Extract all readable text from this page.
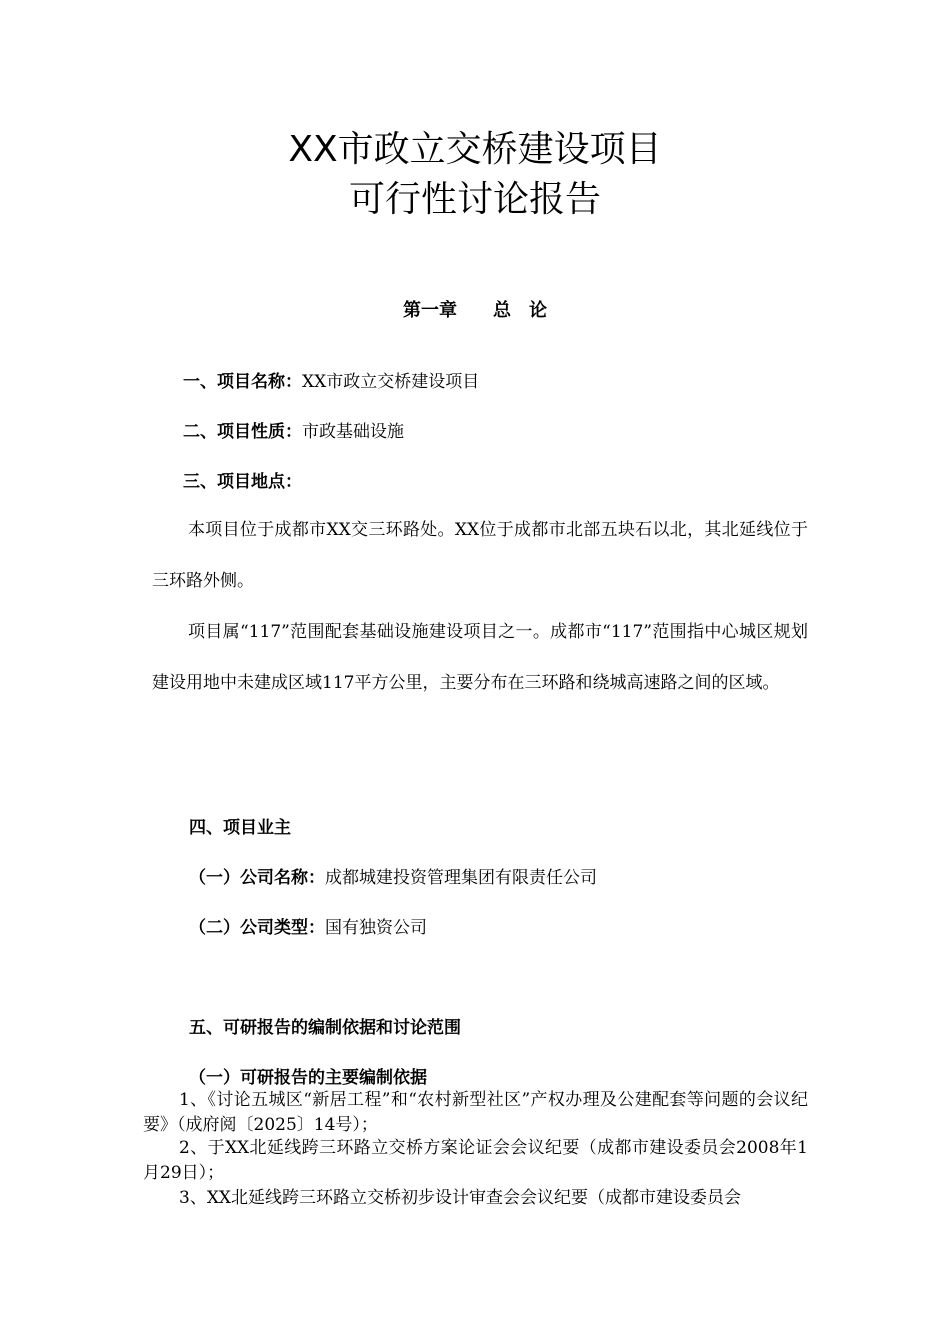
XX市政立交桥建设项目
可行性讨论报告
第一章　　总　论
一、项目名称：XX市政立交桥建设项目
二、项目性质：市政基础设施
三、项目地点：
本项目位于成都市XX交三环路处。XX位于成都市北部五块石以北，其北延线位于三环路外侧。
项目属“117”范围配套基础设施建设项目之一。成都市“117”范围指中心城区规划建设用地中未建成区域117平方公里，主要分布在三环路和绕城高速路之间的区域。
四、项目业主
（一）公司名称：成都城建投资管理集团有限责任公司
（二）公司类型：国有独资公司
五、可研报告的编制依据和讨论范围
（一）可研报告的主要编制依据
1、《讨论五城区“新居工程”和“农村新型社区”产权办理及公建配套等问题的会议纪要》（成府阅〔2025〕14号）；
2、于XX北延线跨三环路立交桥方案论证会会议纪要（成都市建设委员会2008年1月29日）；
3、XX北延线跨三环路立交桥初步设计审查会会议纪要（成都市建设委员会
